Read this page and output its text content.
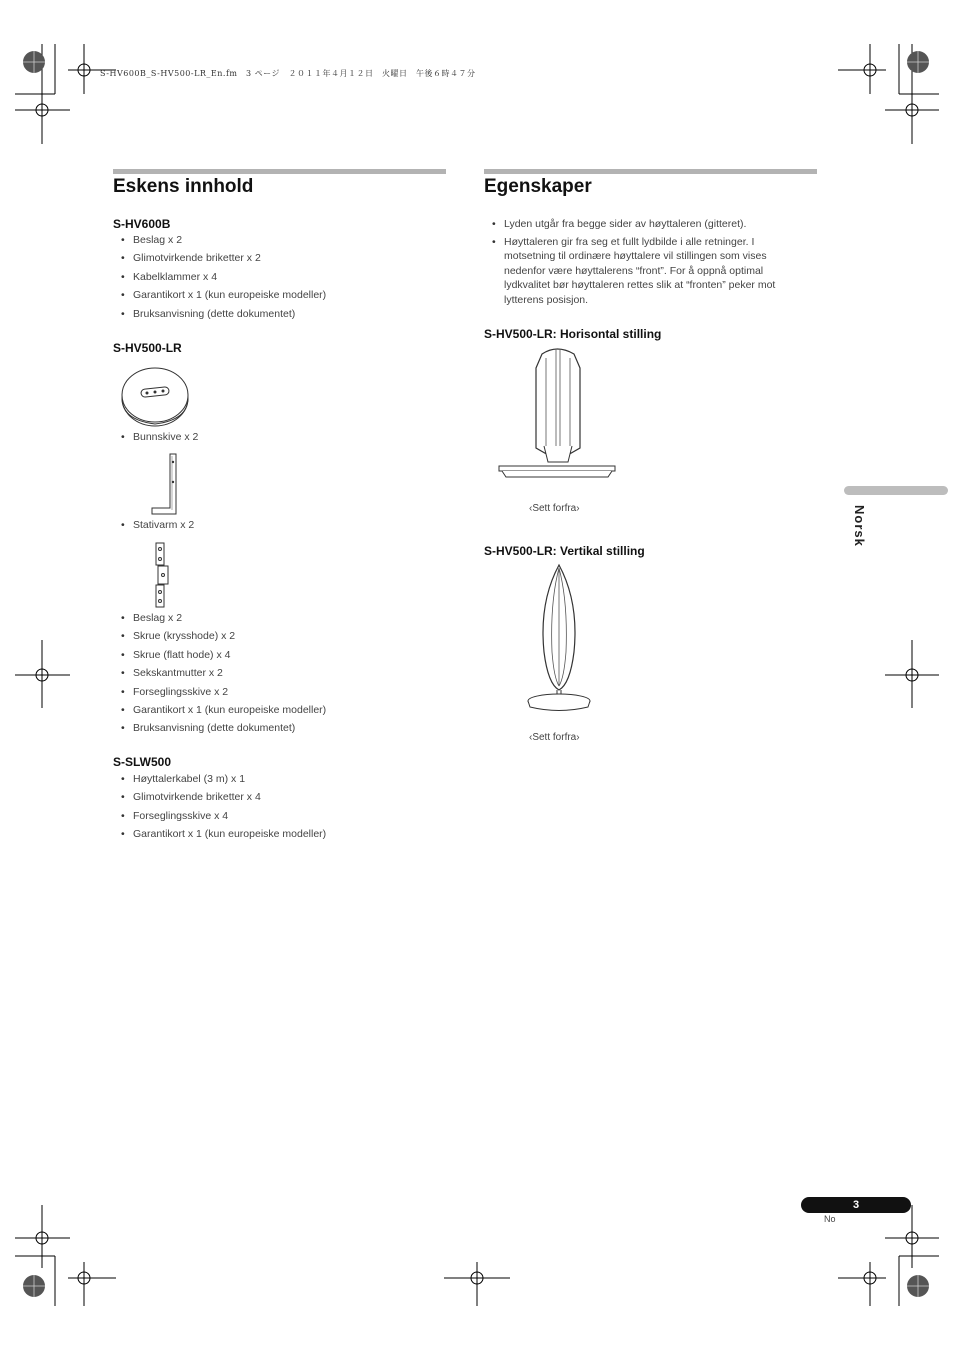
S-HV600B_S-HV500-LR_En.fm　3 ページ　２０１１年４月１２日　火曜日　午後６時４７分
Eskens innhold
S-HV600B
• Beslag x 2
• Glimotvirkende briketter x 2
• Kabelklammer x 4
• Garantikort x 1 (kun europeiske modeller)
• Bruksanvisning (dette dokumentet)
S-HV500-LR
• Bunnskive x 2
• Stativarm x 2
• Beslag x 2
• Skrue (krysshode) x 2
• Skrue (flatt hode) x 4
• Sekskantmutter x 2
• Forseglingsskive x 2
• Garantikort x 1 (kun europeiske modeller)
• Bruksanvisning (dette dokumentet)
S-SLW500
• Høyttalerkabel (3 m) x 1
• Glimotvirkende briketter x 4
• Forseglingsskive x 4
• Garantikort x 1 (kun europeiske modeller)
Egenskaper
• Lyden utgår fra begge sider av høyttaleren (gitteret).
• Høyttaleren gir fra seg et fullt lydbilde i alle retninger. I motsetning til ordinære høyttalere vil stillingen som vises nedenfor være høyttalerens “front”. For å oppnå optimal lydkvalitet bør høyttaleren rettes slik at “fronten” peker mot lytterens posisjon.
S-HV500-LR: Horisontal stilling
‹Sett forfra›
S-HV500-LR: Vertikal stilling
‹Sett forfra›
Norsk
3
No
